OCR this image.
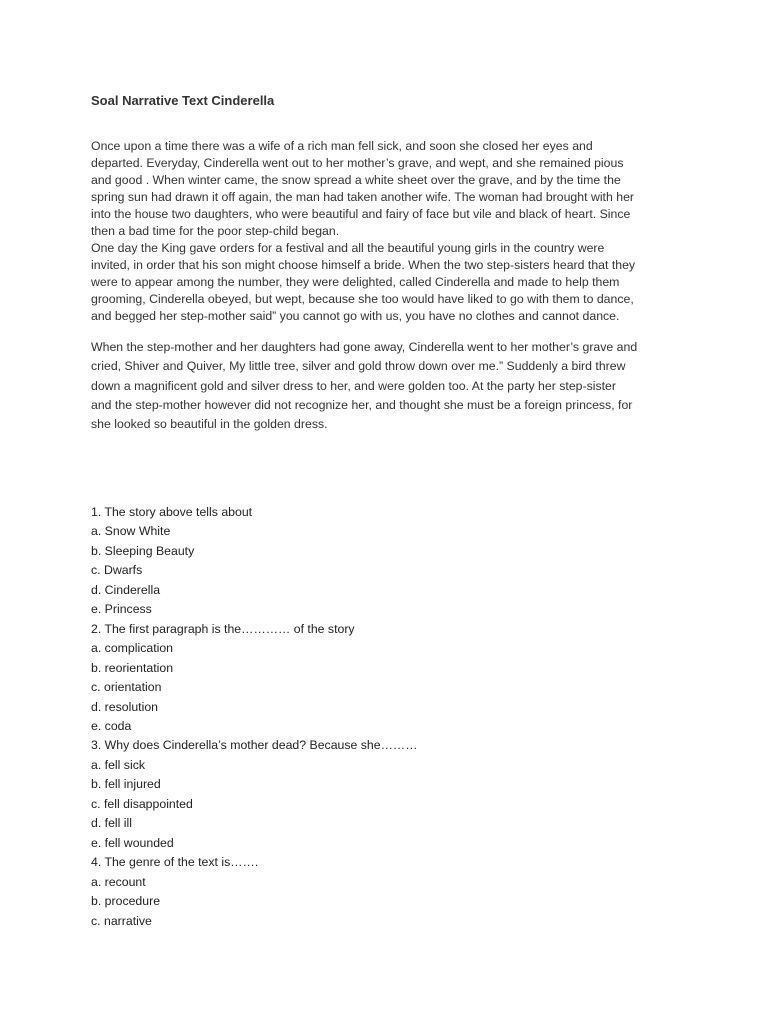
Soal Narrative Text Cinderella
Once upon a time there was a wife of a rich man fell sick, and soon she closed her eyes and
departed. Everyday, Cinderella went out to her mother’s grave, and wept, and she remained pious
and good . When winter came, the snow spread a white sheet over the grave, and by the time the
spring sun had drawn it off again, the man had taken another wife. The woman had brought with her
into the house two daughters, who were beautiful and fairy of face but vile and black of heart. Since
then a bad time for the poor step-child began.
One day the King gave orders for a festival and all the beautiful young girls in the country were
invited, in order that his son might choose himself a bride. When the two step-sisters heard that they
were to appear among the number, they were delighted, called Cinderella and made to help them
grooming, Cinderella obeyed, but wept, because she too would have liked to go with them to dance,
and begged her step-mother said” you cannot go with us, you have no clothes and cannot dance.
When the step-mother and her daughters had gone away, Cinderella went to her mother’s grave and
cried, Shiver and Quiver, My little tree, silver and gold throw down over me.” Suddenly a bird threw
down a magnificent gold and silver dress to her, and were golden too. At the party her step-sister
and the step-mother however did not recognize her, and thought she must be a foreign princess, for
she looked so beautiful in the golden dress.
1. The story above tells about
a. Snow White
b. Sleeping Beauty
c. Dwarfs
d. Cinderella
e. Princess
2. The first paragraph is the………… of the story
a. complication
b. reorientation
c. orientation
d. resolution
e. coda
3. Why does Cinderella’s mother dead? Because she………
a. fell sick
b. fell injured
c. fell disappointed
d. fell ill
e. fell wounded
4. The genre of the text is…….
a. recount
b. procedure
c. narrative
